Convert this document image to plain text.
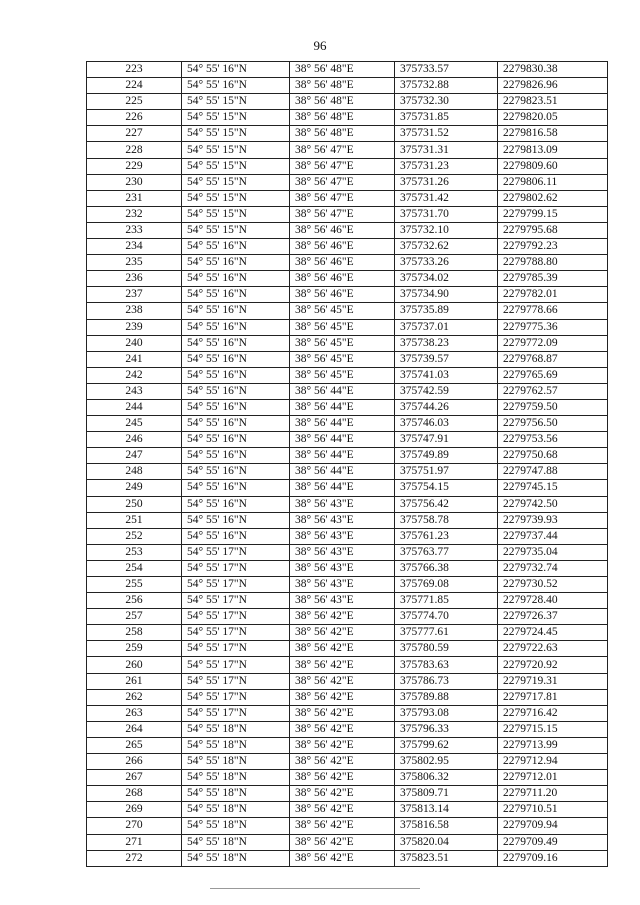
96
223	54° 55' 16"N	38° 56' 48"E	375733.57	2279830.38
224	54° 55' 16"N	38° 56' 48"E	375732.88	2279826.96
225	54° 55' 15"N	38° 56' 48"E	375732.30	2279823.51
226	54° 55' 15"N	38° 56' 48"E	375731.85	2279820.05
227	54° 55' 15"N	38° 56' 48"E	375731.52	2279816.58
228	54° 55' 15"N	38° 56' 47"E	375731.31	2279813.09
229	54° 55' 15"N	38° 56' 47"E	375731.23	2279809.60
230	54° 55' 15"N	38° 56' 47"E	375731.26	2279806.11
231	54° 55' 15"N	38° 56' 47"E	375731.42	2279802.62
232	54° 55' 15"N	38° 56' 47"E	375731.70	2279799.15
233	54° 55' 15"N	38° 56' 46"E	375732.10	2279795.68
234	54° 55' 16"N	38° 56' 46"E	375732.62	2279792.23
235	54° 55' 16"N	38° 56' 46"E	375733.26	2279788.80
236	54° 55' 16"N	38° 56' 46"E	375734.02	2279785.39
237	54° 55' 16"N	38° 56' 46"E	375734.90	2279782.01
238	54° 55' 16"N	38° 56' 45"E	375735.89	2279778.66
239	54° 55' 16"N	38° 56' 45"E	375737.01	2279775.36
240	54° 55' 16"N	38° 56' 45"E	375738.23	2279772.09
241	54° 55' 16"N	38° 56' 45"E	375739.57	2279768.87
242	54° 55' 16"N	38° 56' 45"E	375741.03	2279765.69
243	54° 55' 16"N	38° 56' 44"E	375742.59	2279762.57
244	54° 55' 16"N	38° 56' 44"E	375744.26	2279759.50
245	54° 55' 16"N	38° 56' 44"E	375746.03	2279756.50
246	54° 55' 16"N	38° 56' 44"E	375747.91	2279753.56
247	54° 55' 16"N	38° 56' 44"E	375749.89	2279750.68
248	54° 55' 16"N	38° 56' 44"E	375751.97	2279747.88
249	54° 55' 16"N	38° 56' 44"E	375754.15	2279745.15
250	54° 55' 16"N	38° 56' 43"E	375756.42	2279742.50
251	54° 55' 16"N	38° 56' 43"E	375758.78	2279739.93
252	54° 55' 16"N	38° 56' 43"E	375761.23	2279737.44
253	54° 55' 17"N	38° 56' 43"E	375763.77	2279735.04
254	54° 55' 17"N	38° 56' 43"E	375766.38	2279732.74
255	54° 55' 17"N	38° 56' 43"E	375769.08	2279730.52
256	54° 55' 17"N	38° 56' 43"E	375771.85	2279728.40
257	54° 55' 17"N	38° 56' 42"E	375774.70	2279726.37
258	54° 55' 17"N	38° 56' 42"E	375777.61	2279724.45
259	54° 55' 17"N	38° 56' 42"E	375780.59	2279722.63
260	54° 55' 17"N	38° 56' 42"E	375783.63	2279720.92
261	54° 55' 17"N	38° 56' 42"E	375786.73	2279719.31
262	54° 55' 17"N	38° 56' 42"E	375789.88	2279717.81
263	54° 55' 17"N	38° 56' 42"E	375793.08	2279716.42
264	54° 55' 18"N	38° 56' 42"E	375796.33	2279715.15
265	54° 55' 18"N	38° 56' 42"E	375799.62	2279713.99
266	54° 55' 18"N	38° 56' 42"E	375802.95	2279712.94
267	54° 55' 18"N	38° 56' 42"E	375806.32	2279712.01
268	54° 55' 18"N	38° 56' 42"E	375809.71	2279711.20
269	54° 55' 18"N	38° 56' 42"E	375813.14	2279710.51
270	54° 55' 18"N	38° 56' 42"E	375816.58	2279709.94
271	54° 55' 18"N	38° 56' 42"E	375820.04	2279709.49
272	54° 55' 18"N	38° 56' 42"E	375823.51	2279709.16
